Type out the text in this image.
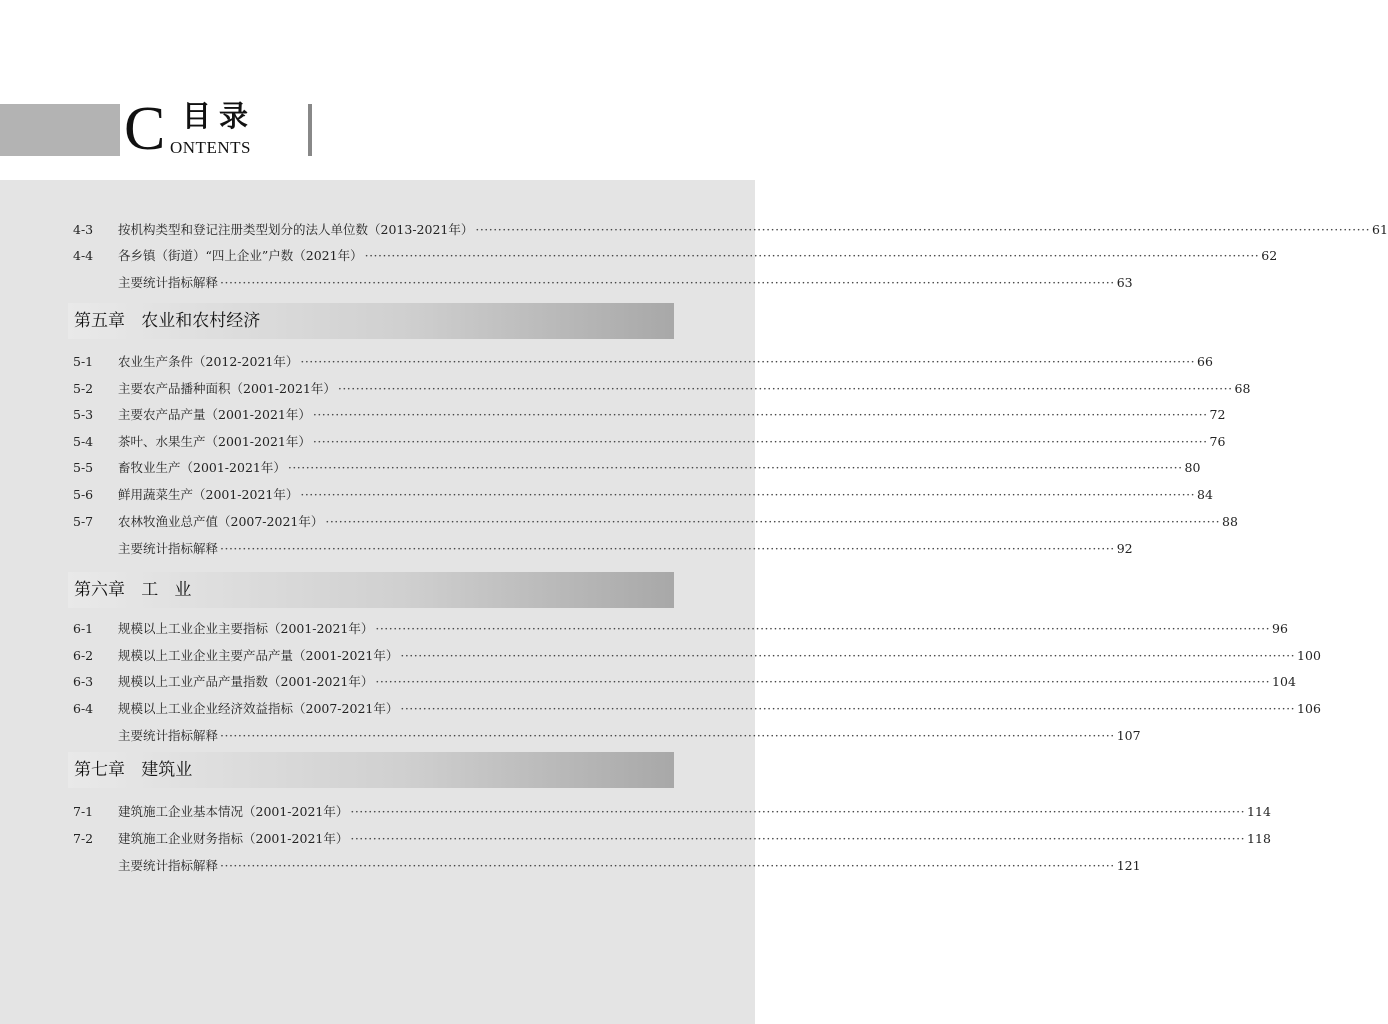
C 目录
ONTENTS
4-3 按机构类型和登记注册类型划分的法人单位数（2013-2021年） ········································································································································································································ 61
4-4 各乡镇（街道）“四上企业”户数（2021年） ········································································································································································································ 62
主要统计指标解释 ········································································································································································································ 63
第五章   农业和农村经济
5-1 农业生产条件（2012-2021年） ········································································································································································································ 66
5-2 主要农产品播种面积（2001-2021年） ········································································································································································································ 68
5-3 主要农产品产量（2001-2021年） ········································································································································································································ 72
5-4 茶叶、水果生产（2001-2021年） ········································································································································································································ 76
5-5 畜牧业生产（2001-2021年） ········································································································································································································ 80
5-6 鲜用蔬菜生产（2001-2021年） ········································································································································································································ 84
5-7 农林牧渔业总产值（2007-2021年） ········································································································································································································ 88
主要统计指标解释 ········································································································································································································ 92
第六章   工   业
6-1 规模以上工业企业主要指标（2001-2021年） ········································································································································································································ 96
6-2 规模以上工业企业主要产品产量（2001-2021年） ········································································································································································································ 100
6-3 规模以上工业产品产量指数（2001-2021年） ········································································································································································································ 104
6-4 规模以上工业企业经济效益指标（2007-2021年） ········································································································································································································ 106
主要统计指标解释 ········································································································································································································ 107
第七章   建筑业
7-1 建筑施工企业基本情况（2001-2021年） ········································································································································································································ 114
7-2 建筑施工企业财务指标（2001-2021年） ········································································································································································································ 118
主要统计指标解释 ········································································································································································································ 121
